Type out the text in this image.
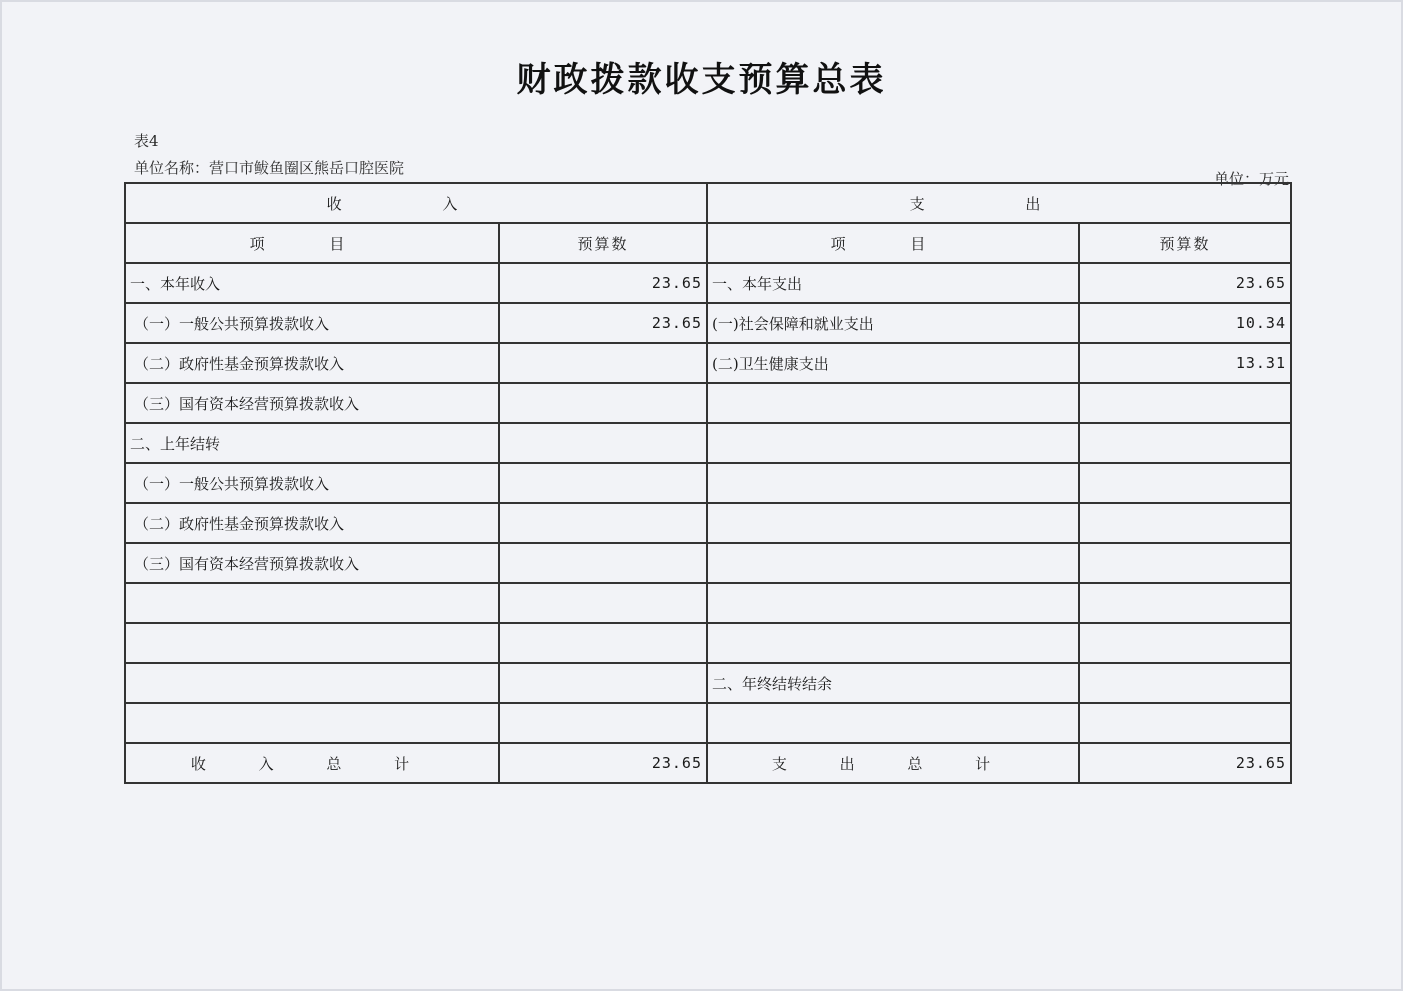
财政拨款收支预算总表
表4
单位名称：营口市鲅鱼圈区熊岳口腔医院
单位：万元
收 入		支 出	
项 目	预算数	项 目	预算数
一、本年收入	23.65	一、本年支出	23.65
（一）一般公共预算拨款收入	23.65	(一)社会保障和就业支出	10.34
（二）政府性基金预算拨款收入		(二)卫生健康支出	13.31
（三）国有资本经营预算拨款收入			
二、上年结转			
（一）一般公共预算拨款收入			
（二）政府性基金预算拨款收入			
（三）国有资本经营预算拨款收入			

		二、年终结转结余	

收 入 总 计	23.65	支 出 总 计	23.65
